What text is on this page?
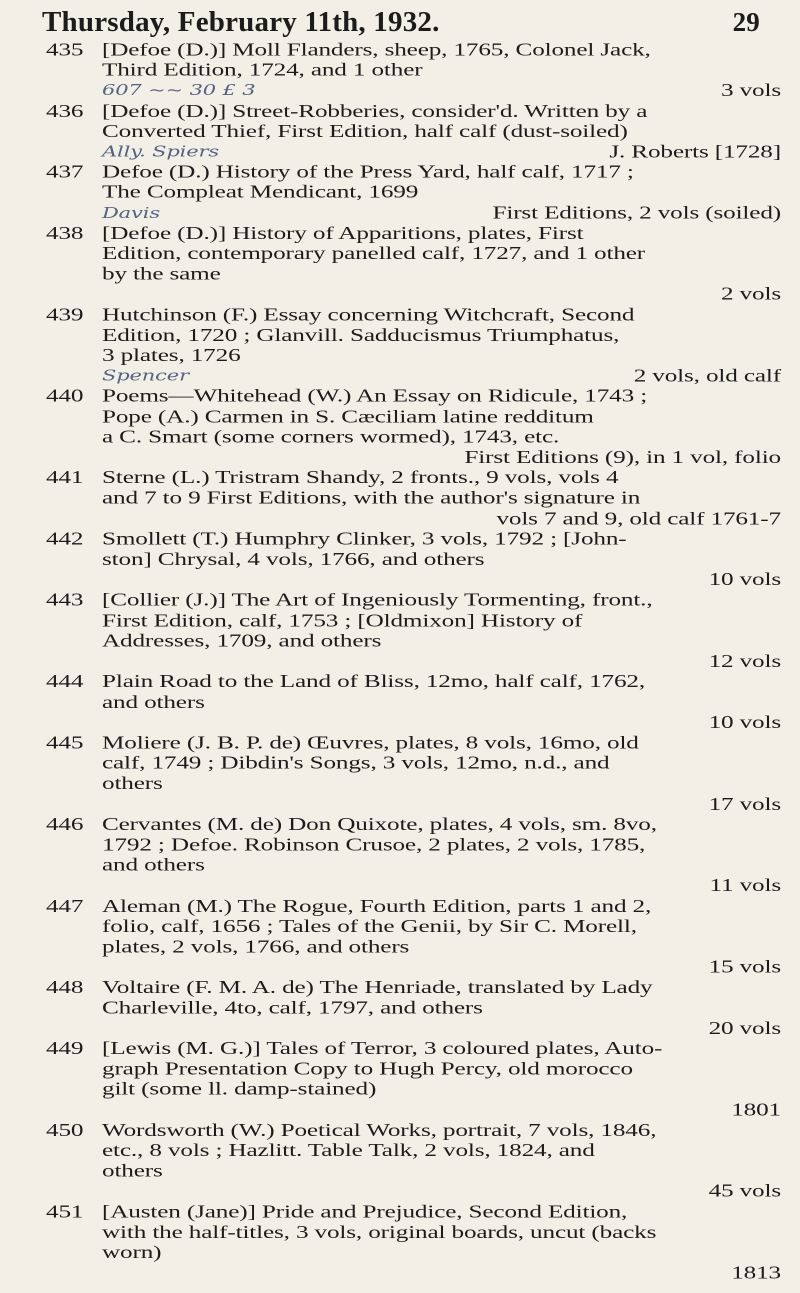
Thursday, February 11th, 1932.	29
435 [Defoe (D.)] Moll Flanders, sheep, 1765, Colonel Jack,
Third Edition, 1724, and 1 other
607 ~~ 30 £ 3	3 vols
436 [Defoe (D.)] Street-Robberies, consider'd. Written by a
Converted Thief, First Edition, half calf (dust-soiled)
Ally. Spiers	J. Roberts [1728]
437 Defoe (D.) History of the Press Yard, half calf, 1717 ;
The Compleat Mendicant, 1699
Davis	First Editions, 2 vols (soiled)
438 [Defoe (D.)] History of Apparitions, plates, First
Edition, contemporary panelled calf, 1727, and 1 other
by the same
2 vols
439 Hutchinson (F.) Essay concerning Witchcraft, Second
Edition, 1720 ; Glanvill. Sadducismus Triumphatus,
3 plates, 1726
Spencer	2 vols, old calf
440 Poems—Whitehead (W.) An Essay on Ridicule, 1743 ;
Pope (A.) Carmen in S. Cæciliam latine redditum
a C. Smart (some corners wormed), 1743, etc.
First Editions (9), in 1 vol, folio
441 Sterne (L.) Tristram Shandy, 2 fronts., 9 vols, vols 4
and 7 to 9 First Editions, with the author's signature in
vols 7 and 9, old calf 1761-7
442 Smollett (T.) Humphry Clinker, 3 vols, 1792 ; [John-
ston] Chrysal, 4 vols, 1766, and others
10 vols
443 [Collier (J.)] The Art of Ingeniously Tormenting, front.,
First Edition, calf, 1753 ; [Oldmixon] History of
Addresses, 1709, and others
12 vols
444 Plain Road to the Land of Bliss, 12mo, half calf, 1762,
and others
10 vols
445 Moliere (J. B. P. de) Œuvres, plates, 8 vols, 16mo, old
calf, 1749 ; Dibdin's Songs, 3 vols, 12mo, n.d., and
others
17 vols
446 Cervantes (M. de) Don Quixote, plates, 4 vols, sm. 8vo,
1792 ; Defoe. Robinson Crusoe, 2 plates, 2 vols, 1785,
and others
11 vols
447 Aleman (M.) The Rogue, Fourth Edition, parts 1 and 2,
folio, calf, 1656 ; Tales of the Genii, by Sir C. Morell,
plates, 2 vols, 1766, and others
15 vols
448 Voltaire (F. M. A. de) The Henriade, translated by Lady
Charleville, 4to, calf, 1797, and others
20 vols
449 [Lewis (M. G.)] Tales of Terror, 3 coloured plates, Auto-
graph Presentation Copy to Hugh Percy, old morocco
gilt (some ll. damp-stained)
1801
450 Wordsworth (W.) Poetical Works, portrait, 7 vols, 1846,
etc., 8 vols ; Hazlitt. Table Talk, 2 vols, 1824, and
others
45 vols
451 [Austen (Jane)] Pride and Prejudice, Second Edition,
with the half-titles, 3 vols, original boards, uncut (backs
worn)
1813
